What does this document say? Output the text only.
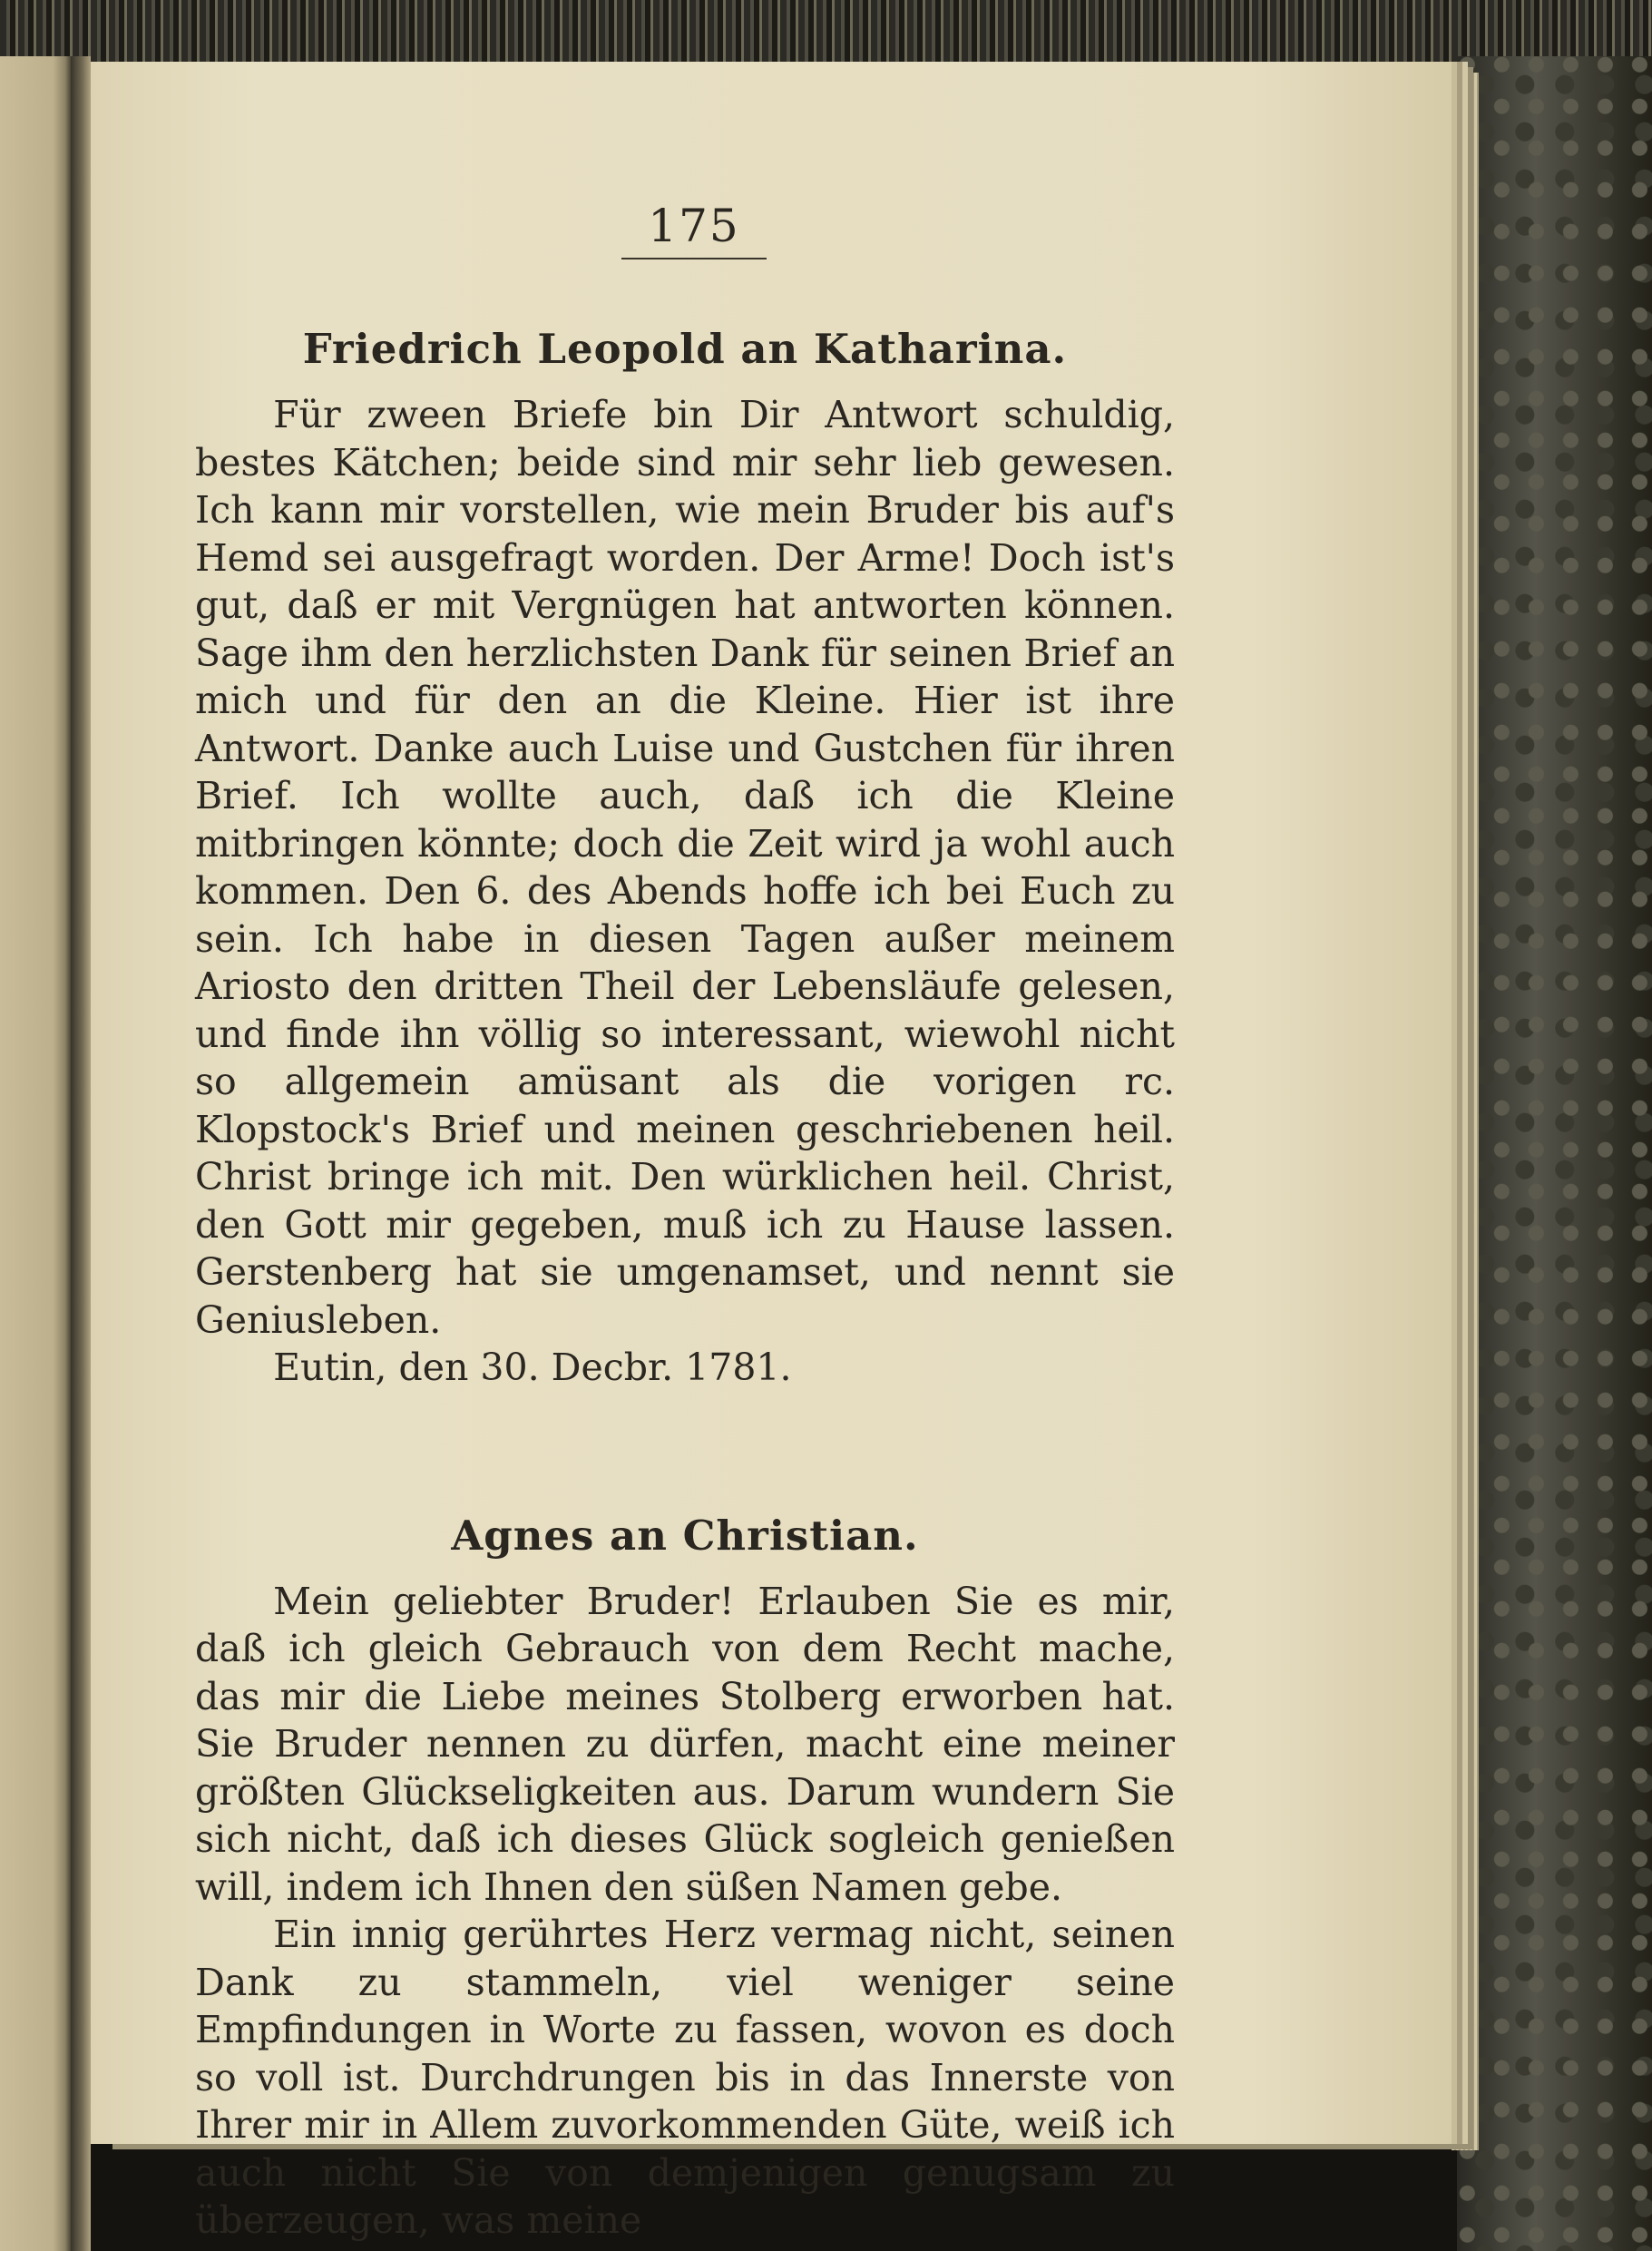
175
Friedrich Leopold an Katharina.

Für zween Briefe bin Dir Antwort schuldig, bestes Kätchen; beide sind mir sehr lieb gewesen. Ich kann mir vorstellen, wie mein Bruder bis auf's Hemd sei ausgefragt worden. Der Arme! Doch ist's gut, daß er mit Vergnügen hat antworten können. Sage ihm den herzlichsten Dank für seinen Brief an mich und für den an die Kleine. Hier ist ihre Antwort. Danke auch Luise und Gustchen für ihren Brief. Ich wollte auch, daß ich die Kleine mitbringen könnte; doch die Zeit wird ja wohl auch kommen. Den 6. des Abends hoffe ich bei Euch zu sein. Ich habe in diesen Tagen außer meinem Ariosto den dritten Theil der Lebensläufe gelesen, und finde ihn völlig so interessant, wiewohl nicht so allgemein amüsant als die vorigen rc. Klopstock's Brief und meinen geschriebenen heil. Christ bringe ich mit. Den würklichen heil. Christ, den Gott mir gegeben, muß ich zu Hause lassen. Gerstenberg hat sie umgenamset, und nennt sie Geniusleben.

Eutin, den 30. Decbr. 1781.

Agnes an Christian.

Mein geliebter Bruder! Erlauben Sie es mir, daß ich gleich Gebrauch von dem Recht mache, das mir die Liebe meines Stolberg erworben hat. Sie Bruder nennen zu dürfen, macht eine meiner größten Glückseligkeiten aus. Darum wundern Sie sich nicht, daß ich dieses Glück sogleich genießen will, indem ich Ihnen den süßen Namen gebe.

Ein innig gerührtes Herz vermag nicht, seinen Dank zu stammeln, viel weniger seine Empfindungen in Worte zu fassen, wovon es doch so voll ist. Durchdrungen bis in das Innerste von Ihrer mir in Allem zuvorkommenden Güte, weiß ich auch nicht Sie von demjenigen genugsam zu überzeugen, was meine
